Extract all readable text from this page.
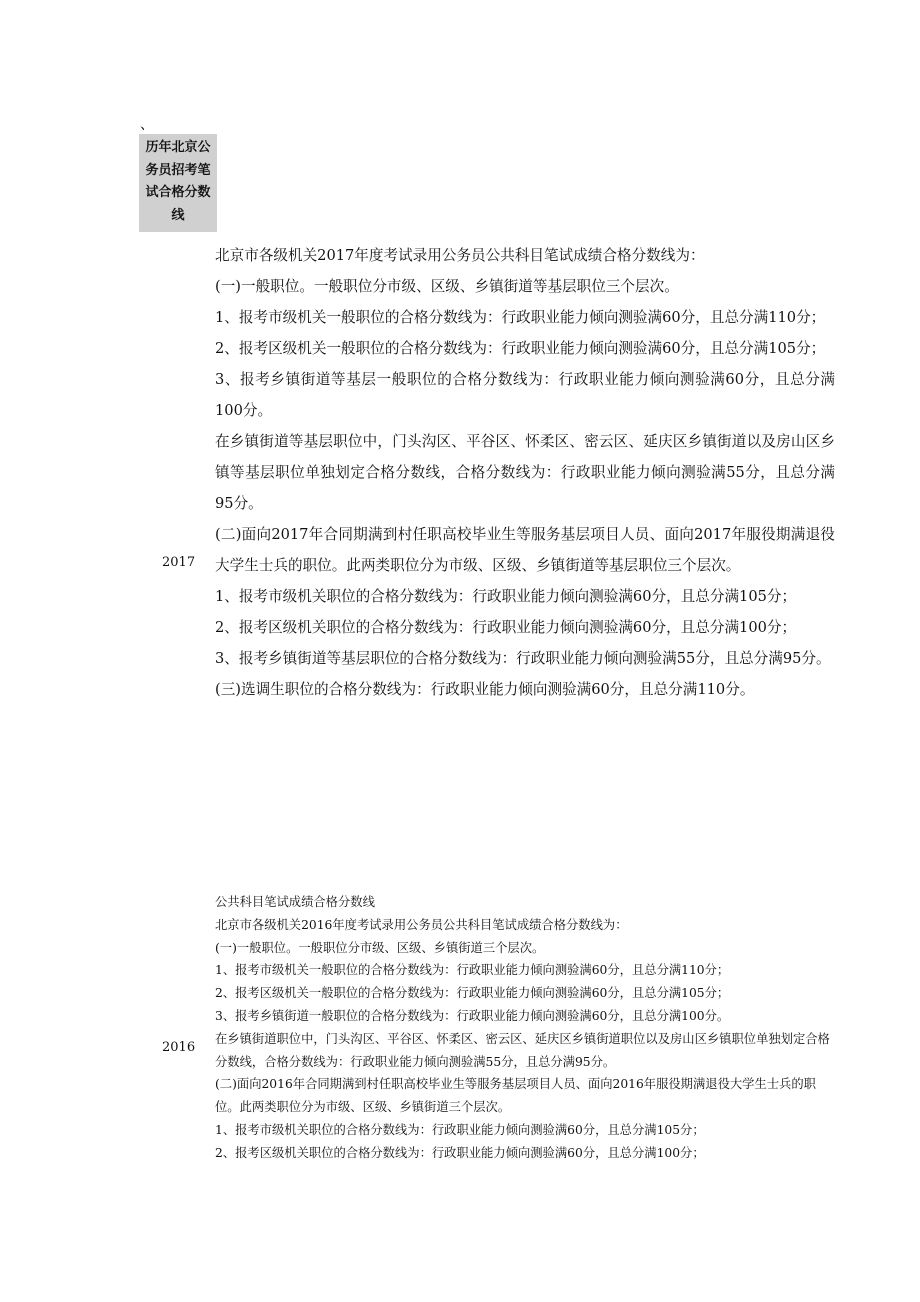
、
历年北京公务员招考笔试合格分数线
2017

北京市各级机关2017年度考试录用公务员公共科目笔试成绩合格分数线为：

(一)一般职位。一般职位分市级、区级、乡镇街道等基层职位三个层次。

1、报考市级机关一般职位的合格分数线为：行政职业能力倾向测验满60分，且总分满110分；

2、报考区级机关一般职位的合格分数线为：行政职业能力倾向测验满60分，且总分满105分；

3、报考乡镇街道等基层一般职位的合格分数线为：行政职业能力倾向测验满60分，且总分满100分。

在乡镇街道等基层职位中，门头沟区、平谷区、怀柔区、密云区、延庆区乡镇街道以及房山区乡镇等基层职位单独划定合格分数线，合格分数线为：行政职业能力倾向测验满55分，且总分满95分。

(二)面向2017年合同期满到村任职高校毕业生等服务基层项目人员、面向2017年服役期满退役大学生士兵的职位。此两类职位分为市级、区级、乡镇街道等基层职位三个层次。

1、报考市级机关职位的合格分数线为：行政职业能力倾向测验满60分，且总分满105分；

2、报考区级机关职位的合格分数线为：行政职业能力倾向测验满60分，且总分满100分；

3、报考乡镇街道等基层职位的合格分数线为：行政职业能力倾向测验满55分，且总分满95分。

(三)选调生职位的合格分数线为：行政职业能力倾向测验满60分，且总分满110分。

2016

公共科目笔试成绩合格分数线

北京市各级机关2016年度考试录用公务员公共科目笔试成绩合格分数线为：

(一)一般职位。一般职位分市级、区级、乡镇街道三个层次。

1、报考市级机关一般职位的合格分数线为：行政职业能力倾向测验满60分，且总分满110分；

2、报考区级机关一般职位的合格分数线为：行政职业能力倾向测验满60分，且总分满105分；

3、报考乡镇街道一般职位的合格分数线为：行政职业能力倾向测验满60分，且总分满100分。

在乡镇街道职位中，门头沟区、平谷区、怀柔区、密云区、延庆区乡镇街道职位以及房山区乡镇职位单独划定合格分数线，合格分数线为：行政职业能力倾向测验满55分，且总分满95分。

(二)面向2016年合同期满到村任职高校毕业生等服务基层项目人员、面向2016年服役期满退役大学生士兵的职位。此两类职位分为市级、区级、乡镇街道三个层次。

1、报考市级机关职位的合格分数线为：行政职业能力倾向测验满60分，且总分满105分；

2、报考区级机关职位的合格分数线为：行政职业能力倾向测验满60分，且总分满100分；
